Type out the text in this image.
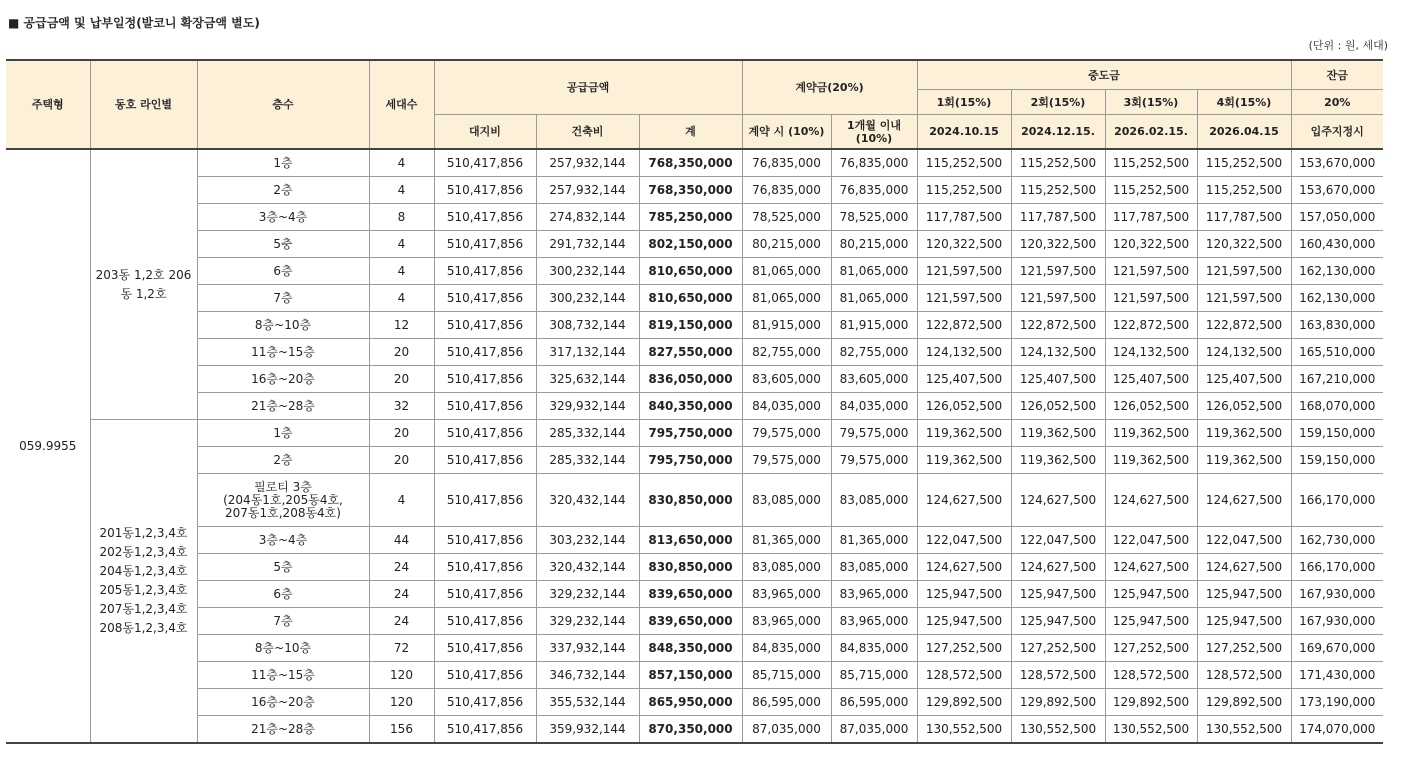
■ 공급금액 및 납부일정(발코니 확장금액 별도)
(단위 : 원, 세대)
주택형	동호 라인별	층수	세대수	공급금액			계약금(20%)		중도금				잔금
									1회(15%)	2회(15%)	3회(15%)	4회(15%)	20%
				대지비	건축비	계	계약 시 (10%)	1개월 이내 (10%)	2024.10.15	2024.12.15.	2026.02.15.	2026.04.15	입주지정시
059.9955	203동 1,2호 206동 1,2호	1층	4	510,417,856	257,932,144	768,350,000	76,835,000	76,835,000	115,252,500	115,252,500	115,252,500	115,252,500	153,670,000
		2층	4	510,417,856	257,932,144	768,350,000	76,835,000	76,835,000	115,252,500	115,252,500	115,252,500	115,252,500	153,670,000
		3층~4층	8	510,417,856	274,832,144	785,250,000	78,525,000	78,525,000	117,787,500	117,787,500	117,787,500	117,787,500	157,050,000
		5충	4	510,417,856	291,732,144	802,150,000	80,215,000	80,215,000	120,322,500	120,322,500	120,322,500	120,322,500	160,430,000
		6층	4	510,417,856	300,232,144	810,650,000	81,065,000	81,065,000	121,597,500	121,597,500	121,597,500	121,597,500	162,130,000
		7층	4	510,417,856	300,232,144	810,650,000	81,065,000	81,065,000	121,597,500	121,597,500	121,597,500	121,597,500	162,130,000
		8층~10층	12	510,417,856	308,732,144	819,150,000	81,915,000	81,915,000	122,872,500	122,872,500	122,872,500	122,872,500	163,830,000
		11층~15층	20	510,417,856	317,132,144	827,550,000	82,755,000	82,755,000	124,132,500	124,132,500	124,132,500	124,132,500	165,510,000
		16층~20층	20	510,417,856	325,632,144	836,050,000	83,605,000	83,605,000	125,407,500	125,407,500	125,407,500	125,407,500	167,210,000
		21층~28층	32	510,417,856	329,932,144	840,350,000	84,035,000	84,035,000	126,052,500	126,052,500	126,052,500	126,052,500	168,070,000
	201동1,2,3,4호 202동1,2,3,4호 204동1,2,3,4호 205동1,2,3,4호 207동1,2,3,4호 208동1,2,3,4호	1층	20	510,417,856	285,332,144	795,750,000	79,575,000	79,575,000	119,362,500	119,362,500	119,362,500	119,362,500	159,150,000
		2층	20	510,417,856	285,332,144	795,750,000	79,575,000	79,575,000	119,362,500	119,362,500	119,362,500	119,362,500	159,150,000
		필로티 3층
(204동1호,205동4호,
207동1호,208동4호)	4	510,417,856	320,432,144	830,850,000	83,085,000	83,085,000	124,627,500	124,627,500	124,627,500	124,627,500	166,170,000
		3층~4층	44	510,417,856	303,232,144	813,650,000	81,365,000	81,365,000	122,047,500	122,047,500	122,047,500	122,047,500	162,730,000
		5층	24	510,417,856	320,432,144	830,850,000	83,085,000	83,085,000	124,627,500	124,627,500	124,627,500	124,627,500	166,170,000
		6층	24	510,417,856	329,232,144	839,650,000	83,965,000	83,965,000	125,947,500	125,947,500	125,947,500	125,947,500	167,930,000
		7층	24	510,417,856	329,232,144	839,650,000	83,965,000	83,965,000	125,947,500	125,947,500	125,947,500	125,947,500	167,930,000
		8층~10층	72	510,417,856	337,932,144	848,350,000	84,835,000	84,835,000	127,252,500	127,252,500	127,252,500	127,252,500	169,670,000
		11층~15층	120	510,417,856	346,732,144	857,150,000	85,715,000	85,715,000	128,572,500	128,572,500	128,572,500	128,572,500	171,430,000
		16층~20층	120	510,417,856	355,532,144	865,950,000	86,595,000	86,595,000	129,892,500	129,892,500	129,892,500	129,892,500	173,190,000
		21층~28층	156	510,417,856	359,932,144	870,350,000	87,035,000	87,035,000	130,552,500	130,552,500	130,552,500	130,552,500	174,070,000
